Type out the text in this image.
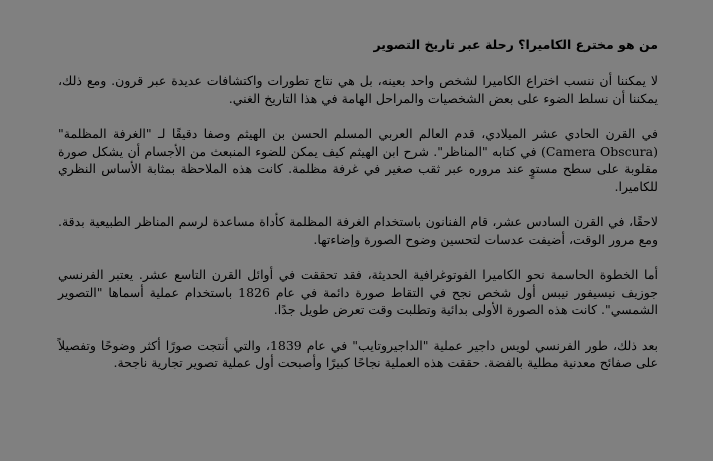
من هو مخترع الكاميرا؟ رحلة عبر تاريخ التصوير

لا يمكننا أن ننسب اختراع الكاميرا لشخص واحد بعينه، بل هي نتاج تطورات واكتشافات عديدة عبر قرون. ومع ذلك، يمكننا أن نسلط الضوء على بعض الشخصيات والمراحل الهامة في هذا التاريخ الغني.

في القرن الحادي عشر الميلادي، قدم العالم العربي المسلم الحسن بن الهيثم وصفا دقيقًا لـ "الغرفة المظلمة" (Camera Obscura) في كتابه "المناظر". شرح ابن الهيثم كيف يمكن للضوء المنبعث من الأجسام أن يشكل صورة مقلوبة على سطح مستوٍ عند مروره عبر ثقب صغير في غرفة مظلمة. كانت هذه الملاحظة بمثابة الأساس النظري للكاميرا.

لاحقًا، في القرن السادس عشر، قام الفنانون باستخدام الغرفة المظلمة كأداة مساعدة لرسم المناظر الطبيعية بدقة. ومع مرور الوقت، أضيفت عدسات لتحسين وضوح الصورة وإضاءتها.

أما الخطوة الحاسمة نحو الكاميرا الفوتوغرافية الحديثة، فقد تحققت في أوائل القرن التاسع عشر. يعتبر الفرنسي جوزيف نيسيفور نيبس أول شخص نجح في التقاط صورة دائمة في عام 1826 باستخدام عملية أسماها "التصوير الشمسي". كانت هذه الصورة الأولى بدائية وتطلبت وقت تعرض طويل جدًا.

بعد ذلك، طور الفرنسي لويس داجير عملية "الداجيروتايب" في عام 1839، والتي أنتجت صورًا أكثر وضوحًا وتفصيلاً على صفائح معدنية مطلية بالفضة. حققت هذه العملية نجاحًا كبيرًا وأصبحت أول عملية تصوير تجارية ناجحة.
